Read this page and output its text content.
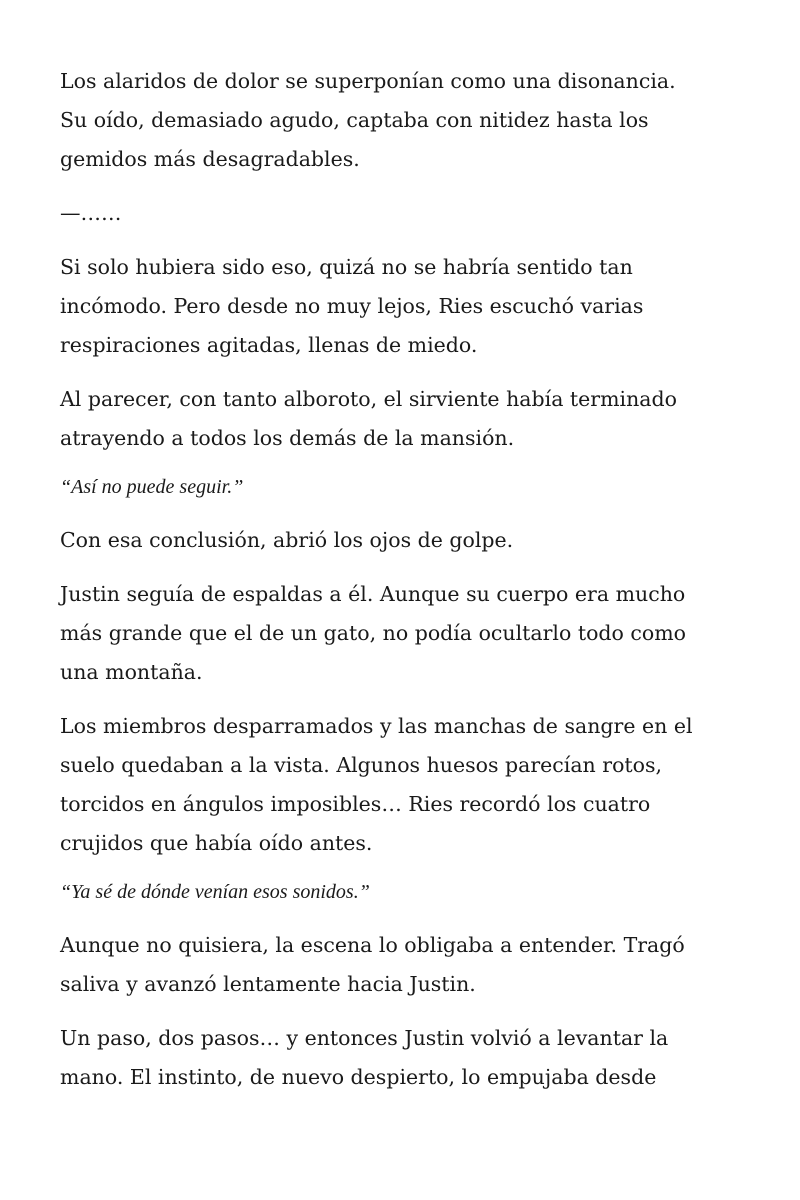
Los alaridos de dolor se superponían como una disonancia.
Su oído, demasiado agudo, captaba con nitidez hasta los
gemidos más desagradables.

—……

Si solo hubiera sido eso, quizá no se habría sentido tan
incómodo. Pero desde no muy lejos, Ries escuchó varias
respiraciones agitadas, llenas de miedo.

Al parecer, con tanto alboroto, el sirviente había terminado
atrayendo a todos los demás de la mansión.

“Así no puede seguir.”

Con esa conclusión, abrió los ojos de golpe.

Justin seguía de espaldas a él. Aunque su cuerpo era mucho
más grande que el de un gato, no podía ocultarlo todo como
una montaña.

Los miembros desparramados y las manchas de sangre en el
suelo quedaban a la vista. Algunos huesos parecían rotos,
torcidos en ángulos imposibles… Ries recordó los cuatro
crujidos que había oído antes.

“Ya sé de dónde venían esos sonidos.”

Aunque no quisiera, la escena lo obligaba a entender. Tragó
saliva y avanzó lentamente hacia Justin.

Un paso, dos pasos… y entonces Justin volvió a levantar la
mano. El instinto, de nuevo despierto, lo empujaba desde
